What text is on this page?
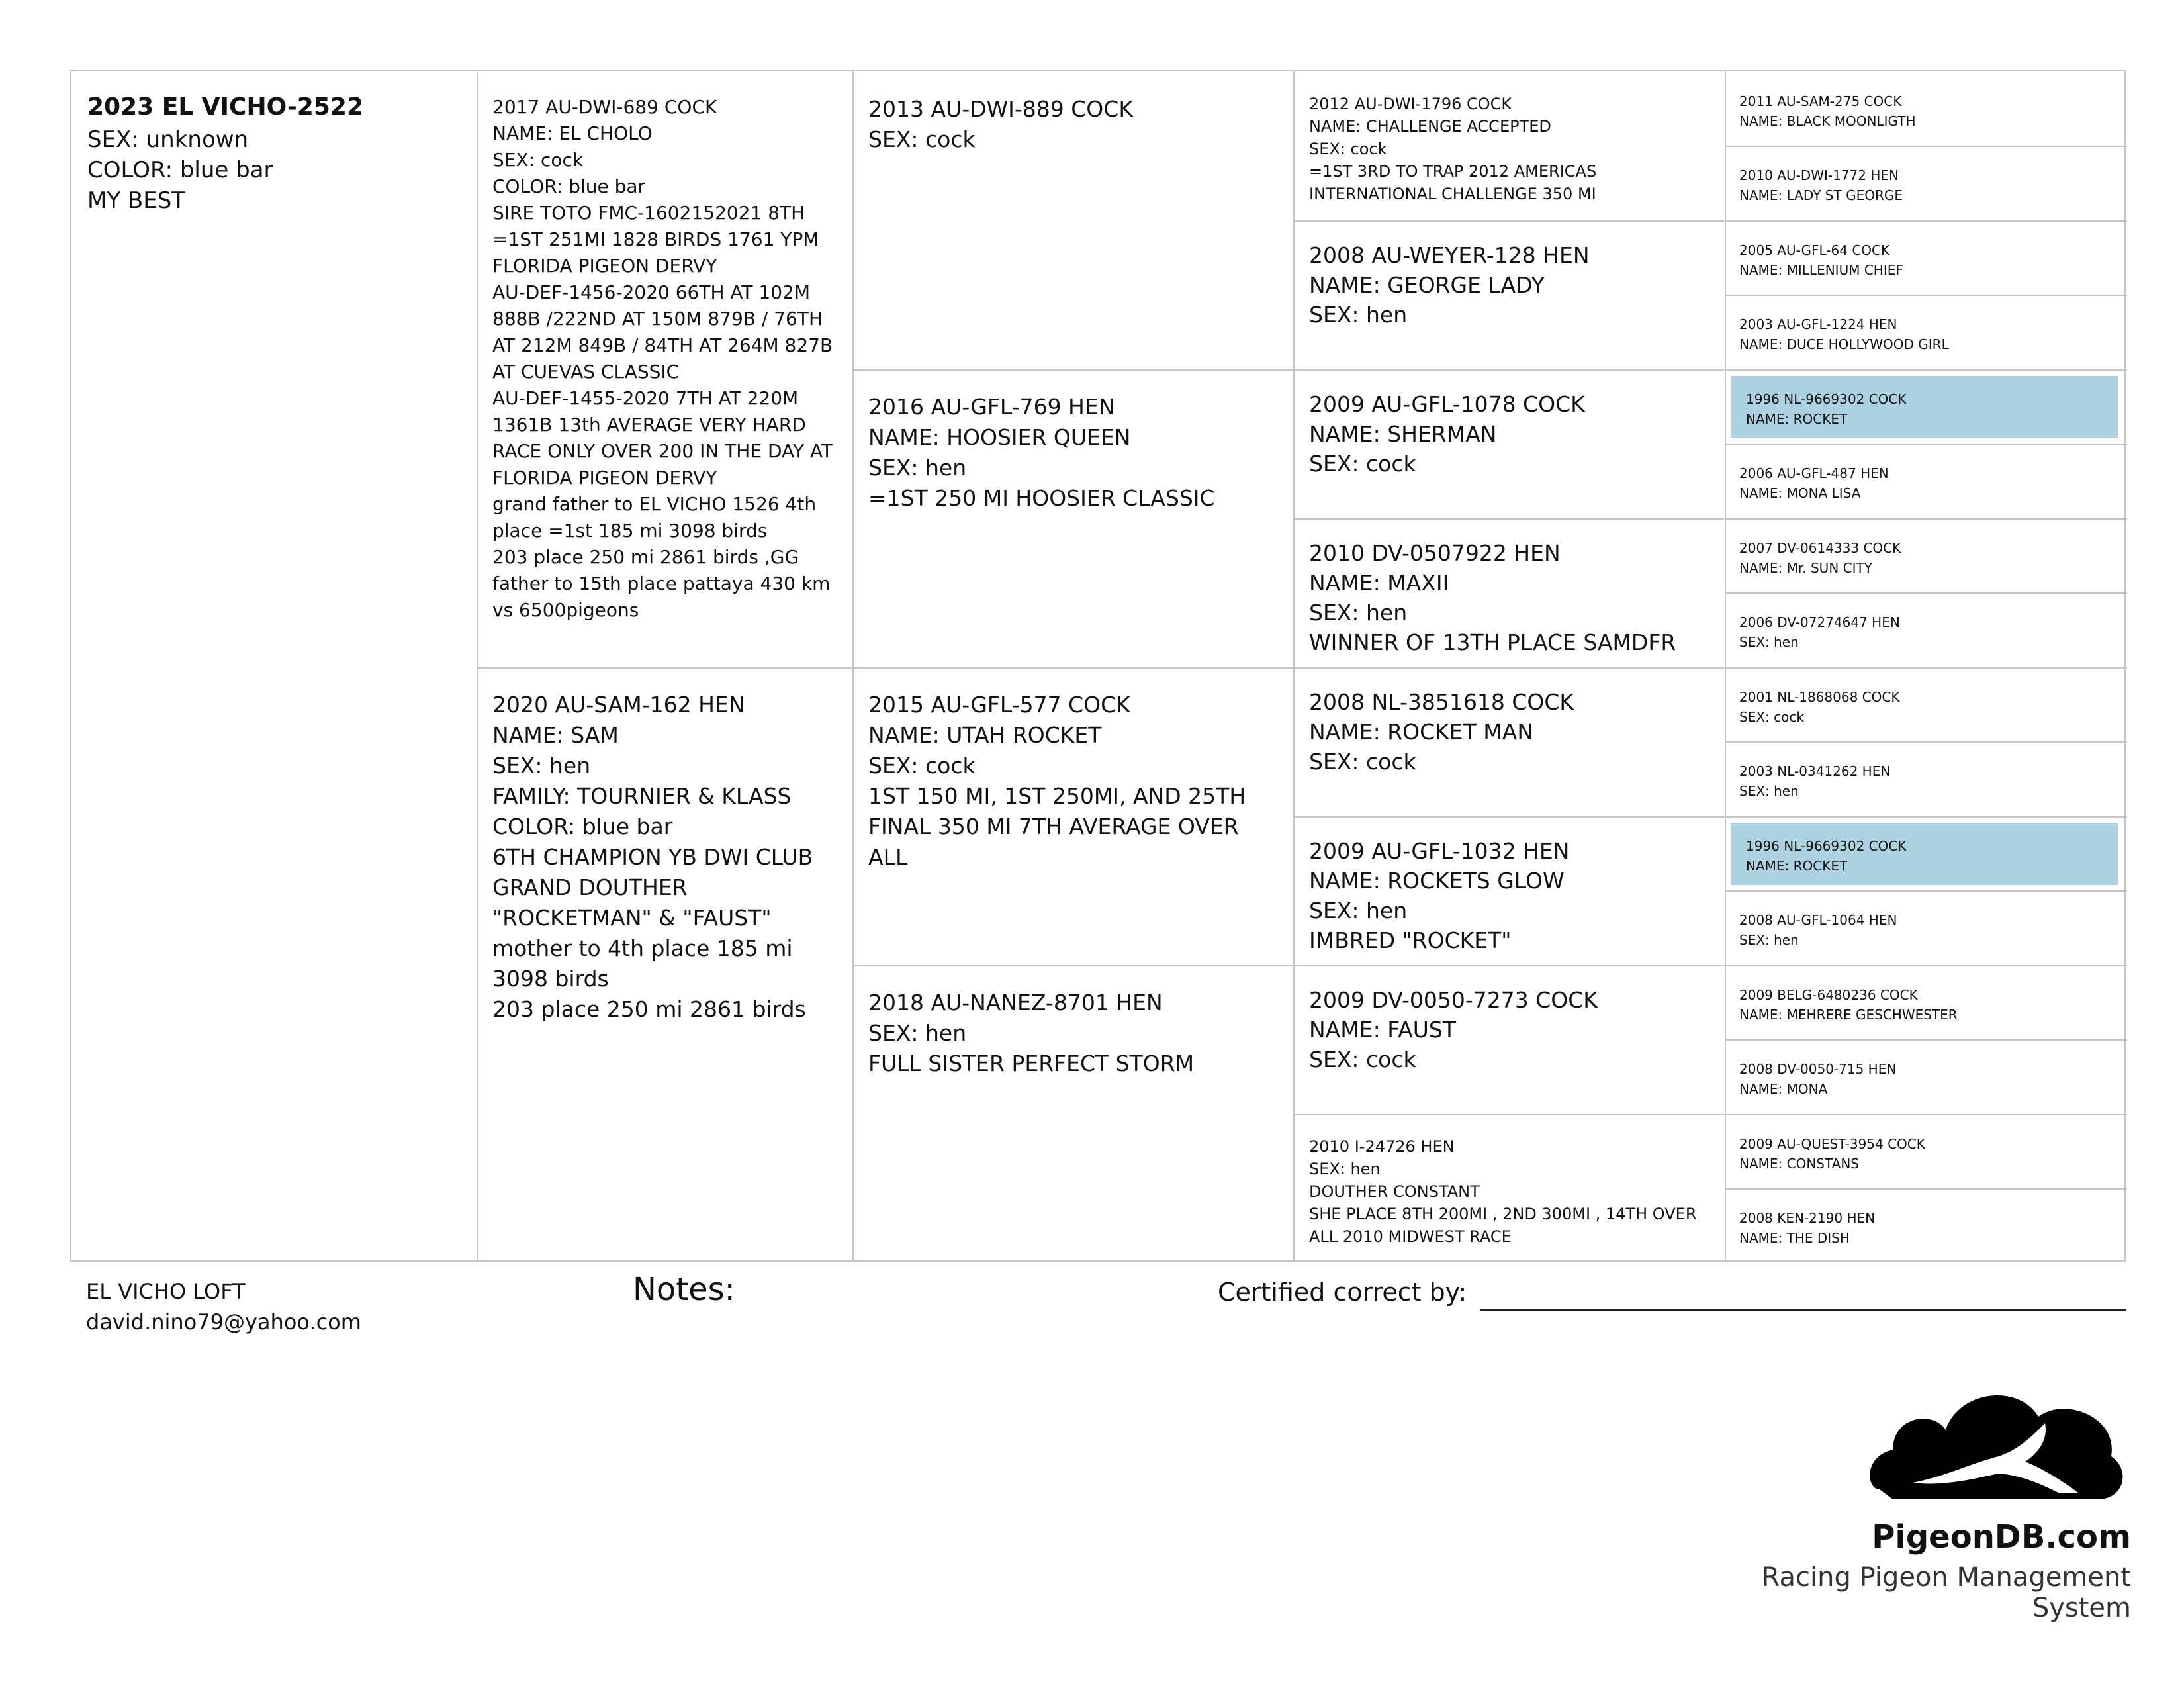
2023 EL VICHO-2522
SEX: unknown
COLOR: blue bar
MY BEST
2017 AU-DWI-689 COCK
NAME: EL CHOLO
SEX: cock
COLOR: blue bar
SIRE TOTO FMC-1602152021 8TH =1ST 251MI 1828 BIRDS 1761 YPM FLORIDA PIGEON DERVY
AU-DEF-1456-2020 66TH AT 102M 888B /222ND AT 150M 879B / 76TH AT 212M 849B / 84TH AT 264M 827B AT CUEVAS CLASSIC
AU-DEF-1455-2020 7TH AT 220M 1361B 13th AVERAGE VERY HARD RACE ONLY OVER 200 IN THE DAY AT FLORIDA PIGEON DERVY
grand father to EL VICHO 1526 4th place =1st 185 mi 3098 birds
203 place 250 mi 2861 birds ,GG father to 15th place pattaya 430 km vs 6500pigeons
2020 AU-SAM-162 HEN
NAME: SAM
SEX: hen
FAMILY: TOURNIER & KLASS
COLOR: blue bar
6TH CHAMPION YB DWI CLUB GRAND DOUTHER "ROCKETMAN" & "FAUST"
mother to 4th place 185 mi 3098 birds
203 place 250 mi 2861 birds
2013 AU-DWI-889 COCK
SEX: cock
2016 AU-GFL-769 HEN
NAME: HOOSIER QUEEN
SEX: hen
=1ST 250 MI HOOSIER CLASSIC
2015 AU-GFL-577 COCK
NAME: UTAH ROCKET
SEX: cock
1ST 150 MI, 1ST 250MI, AND 25TH FINAL 350 MI 7TH AVERAGE OVER ALL
2018 AU-NANEZ-8701 HEN
SEX: hen
FULL SISTER PERFECT STORM
2012 AU-DWI-1796 COCK
NAME: CHALLENGE ACCEPTED
SEX: cock
=1ST 3RD TO TRAP 2012 AMERICAS INTERNATIONAL CHALLENGE 350 MI
2008 AU-WEYER-128 HEN
NAME: GEORGE LADY
SEX: hen
2009 AU-GFL-1078 COCK
NAME: SHERMAN
SEX: cock
2010 DV-0507922 HEN
NAME: MAXII
SEX: hen
WINNER OF 13TH PLACE SAMDFR
2008 NL-3851618 COCK
NAME: ROCKET MAN
SEX: cock
2009 AU-GFL-1032 HEN
NAME: ROCKETS GLOW
SEX: hen
IMBRED "ROCKET"
2009 DV-0050-7273 COCK
NAME: FAUST
SEX: cock
2010 I-24726 HEN
SEX: hen
DOUTHER CONSTANT
SHE PLACE 8TH 200MI , 2ND 300MI , 14TH OVER ALL 2010 MIDWEST RACE
2011 AU-SAM-275 COCK
NAME: BLACK MOONLIGTH
2010 AU-DWI-1772 HEN
NAME: LADY ST GEORGE
2005 AU-GFL-64 COCK
NAME: MILLENIUM CHIEF
2003 AU-GFL-1224 HEN
NAME: DUCE HOLLYWOOD GIRL
1996 NL-9669302 COCK
NAME: ROCKET
2006 AU-GFL-487 HEN
NAME: MONA LISA
2007 DV-0614333 COCK
NAME: Mr. SUN CITY
2006 DV-07274647 HEN
SEX: hen
2001 NL-1868068 COCK
SEX: cock
2003 NL-0341262 HEN
SEX: hen
1996 NL-9669302 COCK
NAME: ROCKET
2008 AU-GFL-1064 HEN
SEX: hen
2009 BELG-6480236 COCK
NAME: MEHRERE GESCHWESTER
2008 DV-0050-715 HEN
NAME: MONA
2009 AU-QUEST-3954 COCK
NAME: CONSTANS
2008 KEN-2190 HEN
NAME: THE DISH
EL VICHO LOFT
david.nino79@yahoo.com
Notes:	Certified correct by:
PigeonDB.com
Racing Pigeon Management System
